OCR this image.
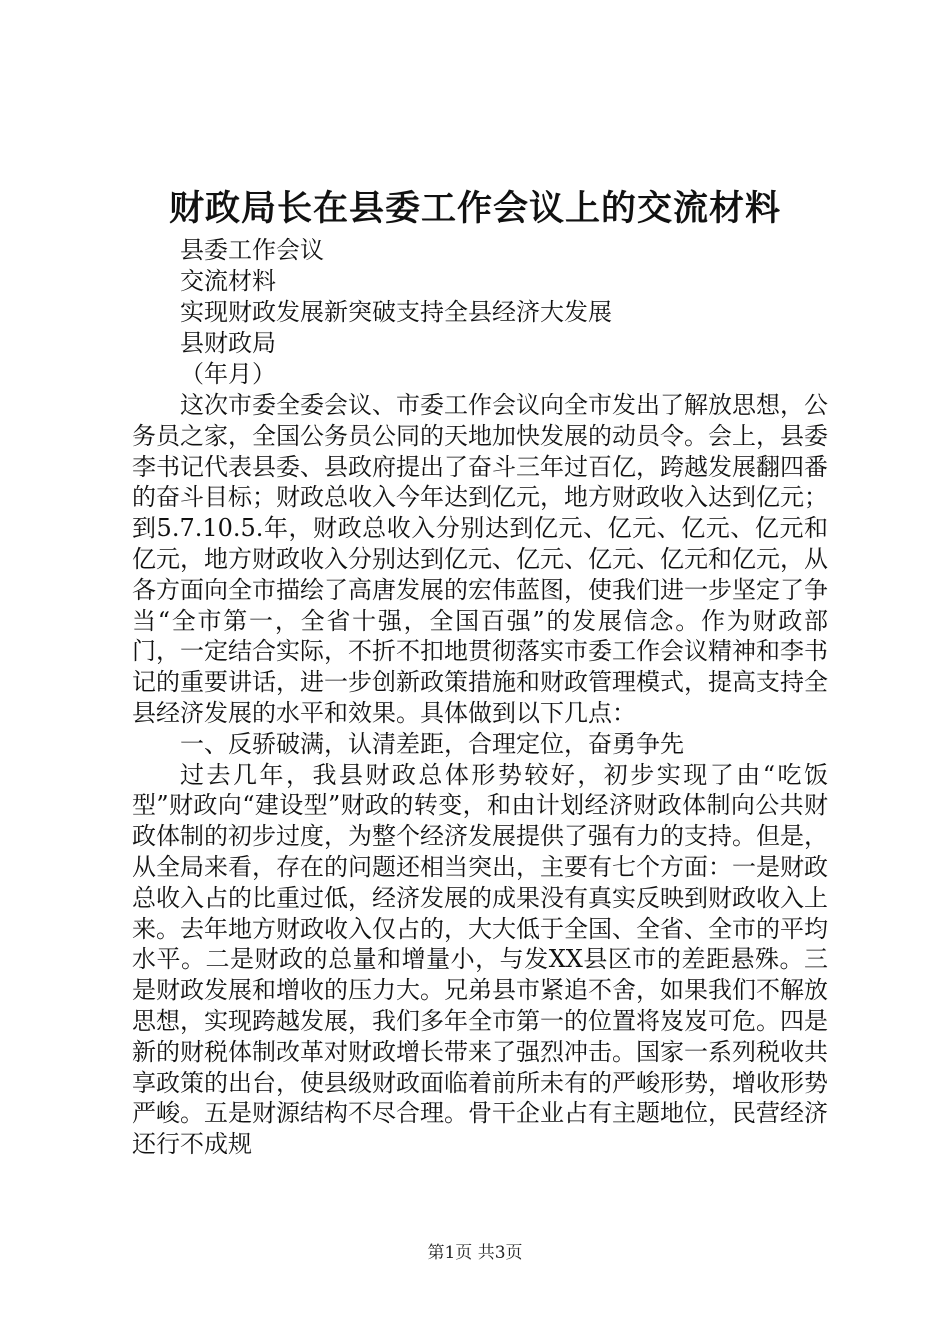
财政局长在县委工作会议上的交流材料
县委工作会议
交流材料
实现财政发展新突破支持全县经济大发展
县财政局
（年月）

这次市委全委会议、市委工作会议向全市发出了解放思想，公务员之家，全国公务员公同的天地加快发展的动员令。会上，县委李书记代表县委、县政府提出了奋斗三年过百亿，跨越发展翻四番的奋斗目标；财政总收入今年达到亿元，地方财政收入达到亿元；到5.7.10.5.年，财政总收入分别达到亿元、亿元、亿元、亿元和亿元，地方财政收入分别达到亿元、亿元、亿元、亿元和亿元，从各方面向全市描绘了高唐发展的宏伟蓝图，使我们进一步坚定了争当“全市第一，全省十强，全国百强”的发展信念。作为财政部门，一定结合实际，不折不扣地贯彻落实市委工作会议精神和李书记的重要讲话，进一步创新政策措施和财政管理模式，提高支持全县经济发展的水平和效果。具体做到以下几点：

一、反骄破满，认清差距，合理定位，奋勇争先

过去几年，我县财政总体形势较好，初步实现了由“吃饭型”财政向“建设型”财政的转变，和由计划经济财政体制向公共财政体制的初步过度，为整个经济发展提供了强有力的支持。但是，从全局来看，存在的问题还相当突出，主要有七个方面：一是财政总收入占的比重过低，经济发展的成果没有真实反映到财政收入上来。去年地方财政收入仅占的，大大低于全国、全省、全市的平均水平。二是财政的总量和增量小，与发XX县区市的差距悬殊。三是财政发展和增收的压力大。兄弟县市紧追不舍，如果我们不解放思想，实现跨越发展，我们多年全市第一的位置将岌岌可危。四是新的财税体制改革对财政增长带来了强烈冲击。国家一系列税收共享政策的出台，使县级财政面临着前所未有的严峻形势，增收形势严峻。五是财源结构不尽合理。骨干企业占有主题地位，民营经济还行不成规

第1页 共3页
